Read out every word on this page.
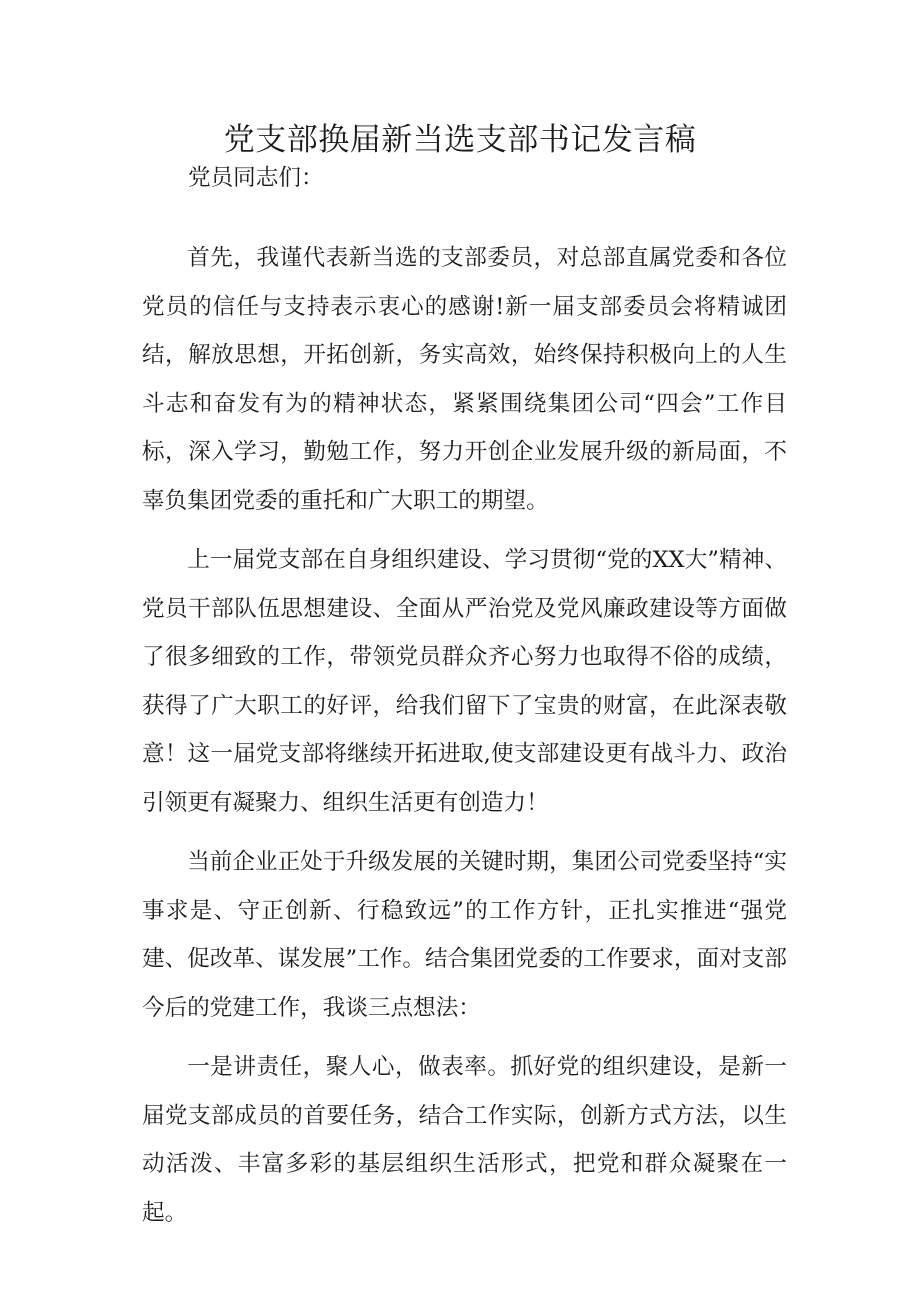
党支部换届新当选支部书记发言稿

党员同志们：

首先，我谨代表新当选的支部委员，对总部直属党委和各位党员的信任与支持表示衷心的感谢!新一届支部委员会将精诚团结，解放思想，开拓创新，务实高效，始终保持积极向上的人生斗志和奋发有为的精神状态，紧紧围绕集团公司“四会”工作目标，深入学习，勤勉工作，努力开创企业发展升级的新局面，不辜负集团党委的重托和广大职工的期望。

上一届党支部在自身组织建设、学习贯彻“党的XX大”精神、党员干部队伍思想建设、全面从严治党及党风廉政建设等方面做了很多细致的工作，带领党员群众齐心努力也取得不俗的成绩，获得了广大职工的好评，给我们留下了宝贵的财富，在此深表敬意！这一届党支部将继续开拓进取,使支部建设更有战斗力、政治引领更有凝聚力、组织生活更有创造力！

当前企业正处于升级发展的关键时期，集团公司党委坚持“实事求是、守正创新、行稳致远”的工作方针，正扎实推进“强党建、促改革、谋发展”工作。结合集团党委的工作要求，面对支部今后的党建工作，我谈三点想法：

一是讲责任，聚人心，做表率。抓好党的组织建设，是新一届党支部成员的首要任务，结合工作实际，创新方式方法，以生动活泼、丰富多彩的基层组织生活形式，把党和群众凝聚在一起。
